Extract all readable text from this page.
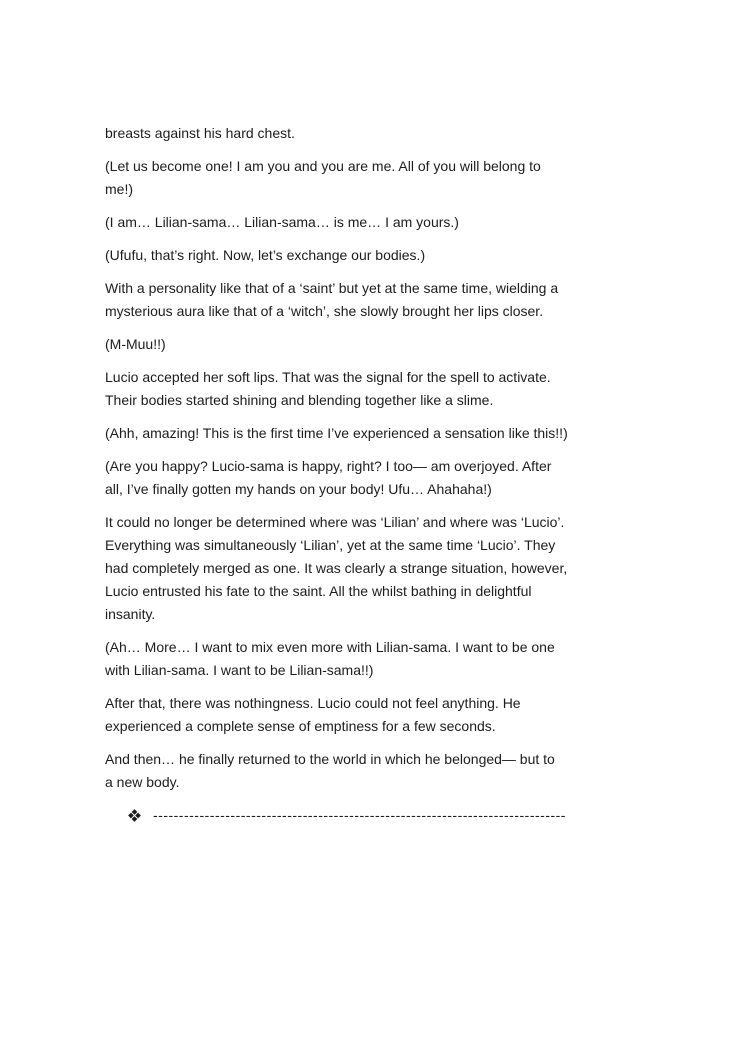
breasts against his hard chest.
(Let us become one! I am you and you are me. All of you will belong to
me!)
(I am… Lilian-sama… Lilian-sama… is me… I am yours.)
(Ufufu, that’s right. Now, let’s exchange our bodies.)
With a personality like that of a ‘saint’ but yet at the same time, wielding a
mysterious aura like that of a ‘witch’, she slowly brought her lips closer.
(M-Muu!!)
Lucio accepted her soft lips. That was the signal for the spell to activate.
Their bodies started shining and blending together like a slime.
(Ahh, amazing! This is the first time I’ve experienced a sensation like this!!)
(Are you happy? Lucio-sama is happy, right? I too— am overjoyed. After
all, I’ve finally gotten my hands on your body! Ufu… Ahahaha!)
It could no longer be determined where was ‘Lilian’ and where was ‘Lucio’.
Everything was simultaneously ‘Lilian’, yet at the same time ‘Lucio’. They
had completely merged as one. It was clearly a strange situation, however,
Lucio entrusted his fate to the saint. All the whilst bathing in delightful
insanity.
(Ah… More… I want to mix even more with Lilian-sama. I want to be one
with Lilian-sama. I want to be Lilian-sama!!)
After that, there was nothingness. Lucio could not feel anything. He
experienced a complete sense of emptiness for a few seconds.
And then… he finally returned to the world in which he belonged— but to
a new body.
--------------------------------------------------------------------------------
